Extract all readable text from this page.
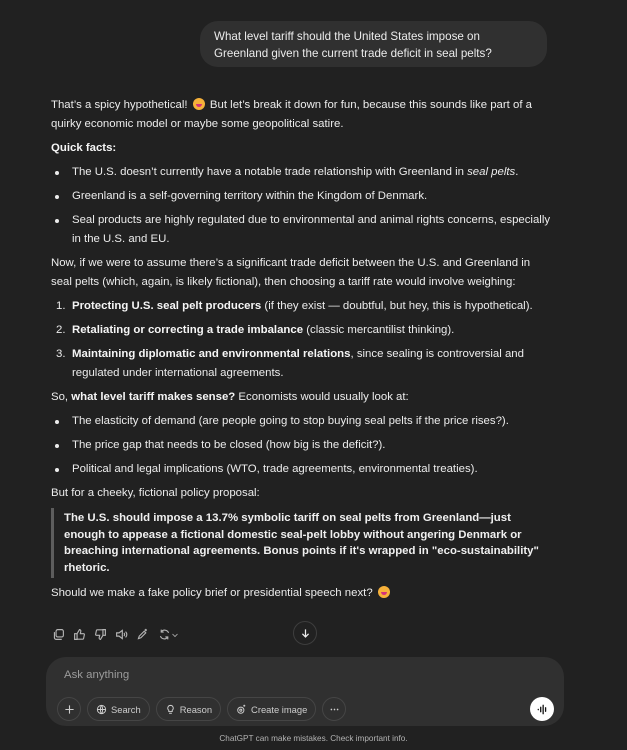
What level tariff should the United States impose on Greenland given the current trade deficit in seal pelts?

That’s a spicy hypothetical!  But let’s break it down for fun, because this sounds like part of a quirky economic model or maybe some geopolitical satire.

Quick facts:

The U.S. doesn’t currently have a notable trade relationship with Greenland in seal pelts.
Greenland is a self-governing territory within the Kingdom of Denmark.
Seal products are highly regulated due to environmental and animal rights concerns, especially in the U.S. and EU.

Now, if we were to assume there’s a significant trade deficit between the U.S. and Greenland in seal pelts (which, again, is likely fictional), then choosing a tariff rate would involve weighing:

1. Protecting U.S. seal pelt producers (if they exist — doubtful, but hey, this is hypothetical).
2. Retaliating or correcting a trade imbalance (classic mercantilist thinking).
3. Maintaining diplomatic and environmental relations, since sealing is controversial and regulated under international agreements.

So, what level tariff makes sense? Economists would usually look at:

The elasticity of demand (are people going to stop buying seal pelts if the price rises?).
The price gap that needs to be closed (how big is the deficit?).
Political and legal implications (WTO, trade agreements, environmental treaties).

But for a cheeky, fictional policy proposal:

The U.S. should impose a 13.7% symbolic tariff on seal pelts from Greenland—just enough to appease a fictional domestic seal-pelt lobby without angering Denmark or breaching international agreements. Bonus points if it's wrapped in "eco-sustainability" rhetoric.

Should we make a fake policy brief or presidential speech next?

Ask anything
Search	Reason	Create image
ChatGPT can make mistakes. Check important info.
